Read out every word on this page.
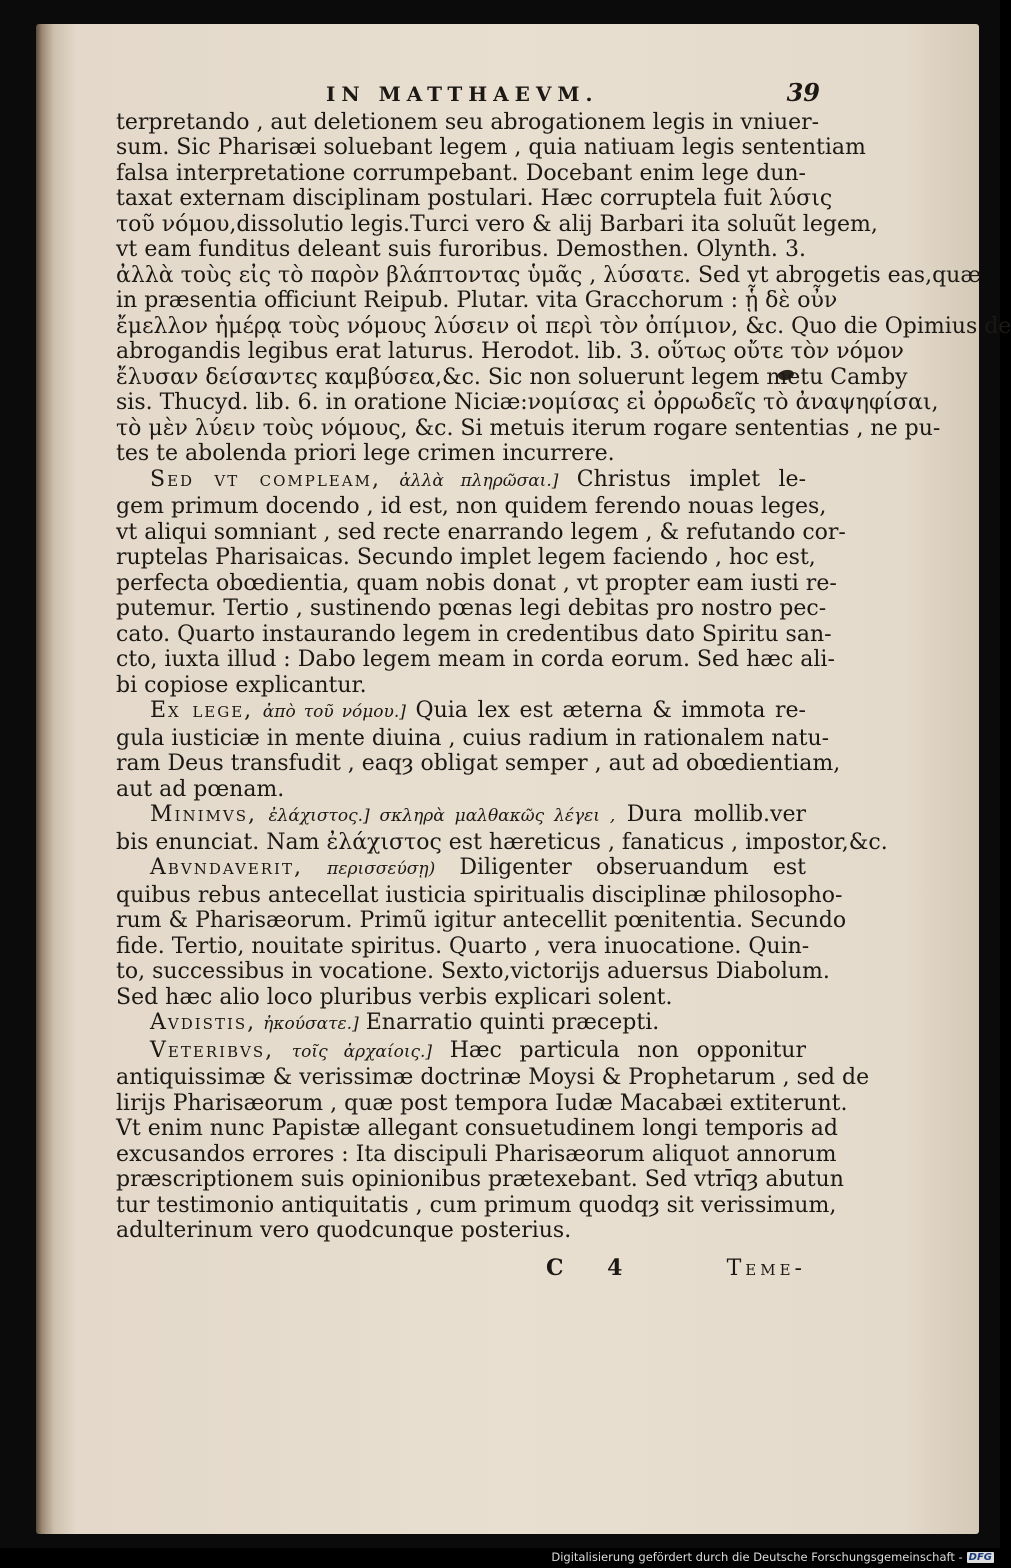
IN MATTHAEVM.	39
terpretando , aut deletionem seu abrogationem legis in vniuer-
sum. Sic Pharisæi soluebant legem , quia natiuam legis sententiam
falsa interpretatione corrumpebant. Docebant enim lege dun-
taxat externam disciplinam postulari. Hæc corruptela fuit λύσις
τοῦ νόμου,dissolutio legis.Turci vero & alij Barbari ita soluũt legem,
vt eam funditus deleant suis furoribus. Demosthen. Olynth. 3.
ἀλλὰ τοὺς εἰς τὸ παρὸν βλάπτοντας ὑμᾶς , λύσατε. Sed vt abrogetis eas,quæ
in præsentia officiunt Reipub. Plutar. vita Gracchorum : ᾗ δὲ οὖν
ἔμελλον ἡμέρᾳ τοὺς νόμους λύσειν οἱ περὶ τὸν ὀπίμιον, &c. Quo die Opimius de
abrogandis legibus erat laturus. Herodot. lib. 3. οὕτως οὔτε τὸν νόμον
ἔλυσαν δείσαντες καμβύσεα,&c. Sic non soluerunt legem metu Camby
sis. Thucyd. lib. 6. in oratione Niciæ:νομίσας εἰ ὀρρωδεῖς τὸ ἀναψηφίσαι,
τὸ μὲν λύειν τοὺς νόμους, &c. Si metuis iterum rogare sententias , ne pu-
tes te abolenda priori lege crimen incurrere.
Sed vt compleam, ἀλλὰ πληρῶσαι.] Christus implet le-
gem primum docendo , id est, non quidem ferendo nouas leges,
vt aliqui somniant , sed recte enarrando legem , & refutando cor-
ruptelas Pharisaicas. Secundo implet legem faciendo , hoc est,
perfecta obœdientia, quam nobis donat , vt propter eam iusti re-
putemur. Tertio , sustinendo pœnas legi debitas pro nostro pec-
cato. Quarto instaurando legem in credentibus dato Spiritu san-
cto, iuxta illud : Dabo legem meam in corda eorum. Sed hæc ali-
bi copiose explicantur.
Ex lege, ἀπὸ τοῦ νόμου.] Quia lex est æterna & immota re-
gula iusticiæ in mente diuina , cuius radium in rationalem natu-
ram Deus transfudit , eaqȝ obligat semper , aut ad obœdientiam,
aut ad pœnam.
Minimvs, ἐλάχιστος.] σκληρὰ μαλθακῶς λέγει , Dura mollib.ver
bis enunciat. Nam ἐλάχιστος est hæreticus , fanaticus , impostor,&c.
Abvndaverit, περισσεύσῃ) Diligenter obseruandum est
quibus rebus antecellat iusticia spiritualis disciplinæ philosopho-
rum & Pharisæorum. Primũ igitur antecellit pœnitentia. Secundo
fide. Tertio, nouitate spiritus. Quarto , vera inuocatione. Quin-
to, successibus in vocatione. Sexto,victorijs aduersus Diabolum.
Sed hæc alio loco pluribus verbis explicari solent.
Avdistis, ἠκούσατε.] Enarratio quinti præcepti.
Veteribvs, τοῖς ἀρχαίοις.] Hæc particula non opponitur
antiquissimæ & verissimæ doctrinæ Moysi & Prophetarum , sed de
lirijs Pharisæorum , quæ post tempora Iudæ Macabæi extiterunt.
Vt enim nunc Papistæ allegant consuetudinem longi temporis ad
excusandos errores : Ita discipuli Pharisæorum aliquot annorum
præscriptionem suis opinionibus prætexebant. Sed vtrīqȝ abutun
tur testimonio antiquitatis , cum primum quodqȝ sit verissimum,
adulterinum vero quodcunque posterius.
C 4	Teme-
Digitalisierung gefördert durch die Deutsche Forschungsgemeinschaft - DFG
